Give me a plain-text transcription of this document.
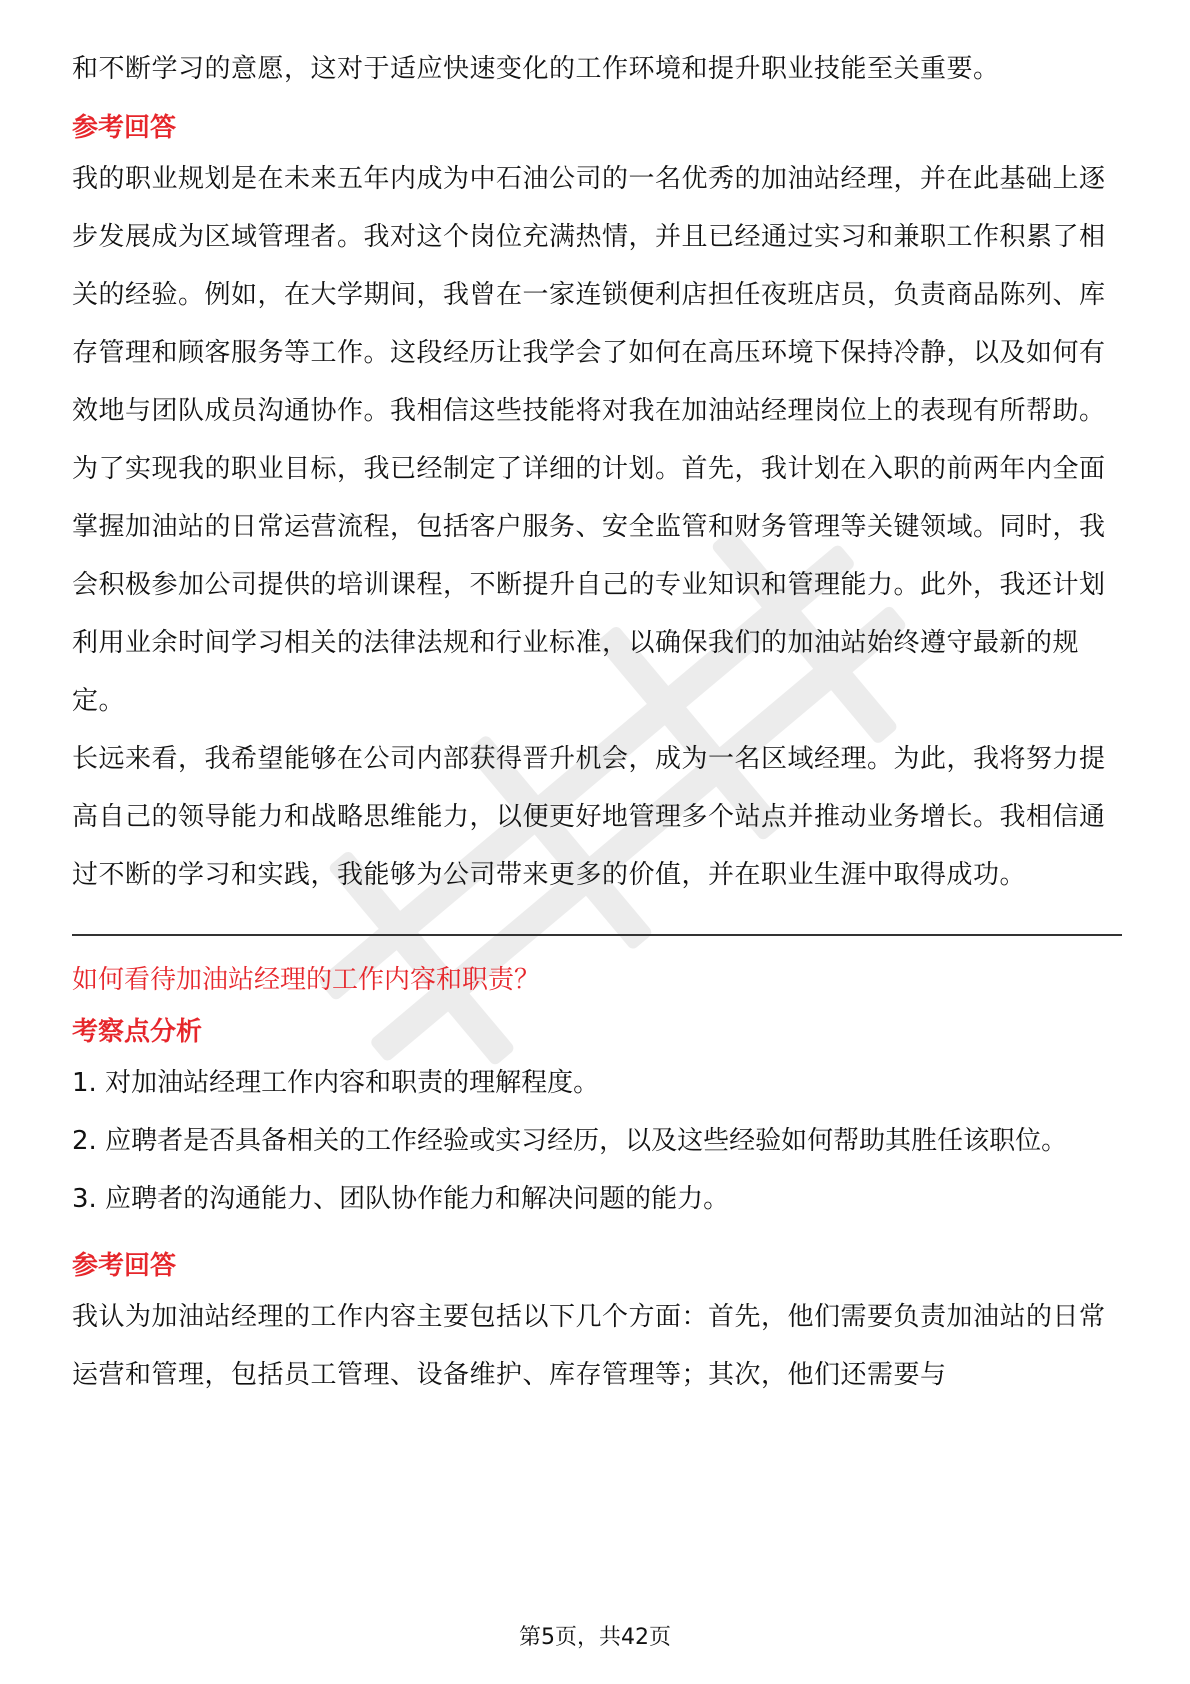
和不断学习的意愿，这对于适应快速变化的工作环境和提升职业技能至关重要。

参考回答

我的职业规划是在未来五年内成为中石油公司的一名优秀的加油站经理，并在此基础上逐步发展成为区域管理者。我对这个岗位充满热情，并且已经通过实习和兼职工作积累了相关的经验。例如，在大学期间，我曾在一家连锁便利店担任夜班店员，负责商品陈列、库存管理和顾客服务等工作。这段经历让我学会了如何在高压环境下保持冷静，以及如何有效地与团队成员沟通协作。我相信这些技能将对我在加油站经理岗位上的表现有所帮助。

为了实现我的职业目标，我已经制定了详细的计划。首先，我计划在入职的前两年内全面掌握加油站的日常运营流程，包括客户服务、安全监管和财务管理等关键领域。同时，我会积极参加公司提供的培训课程，不断提升自己的专业知识和管理能力。此外，我还计划利用业余时间学习相关的法律法规和行业标准，以确保我们的加油站始终遵守最新的规定。

长远来看，我希望能够在公司内部获得晋升机会，成为一名区域经理。为此，我将努力提高自己的领导能力和战略思维能力，以便更好地管理多个站点并推动业务增长。我相信通过不断的学习和实践，我能够为公司带来更多的价值，并在职业生涯中取得成功。

如何看待加油站经理的工作内容和职责？

考察点分析

1. 对加油站经理工作内容和职责的理解程度。

2. 应聘者是否具备相关的工作经验或实习经历，以及这些经验如何帮助其胜任该职位。

3. 应聘者的沟通能力、团队协作能力和解决问题的能力。

参考回答

我认为加油站经理的工作内容主要包括以下几个方面：首先，他们需要负责加油站的日常运营和管理，包括员工管理、设备维护、库存管理等；其次，他们还需要与

第5页，共42页
